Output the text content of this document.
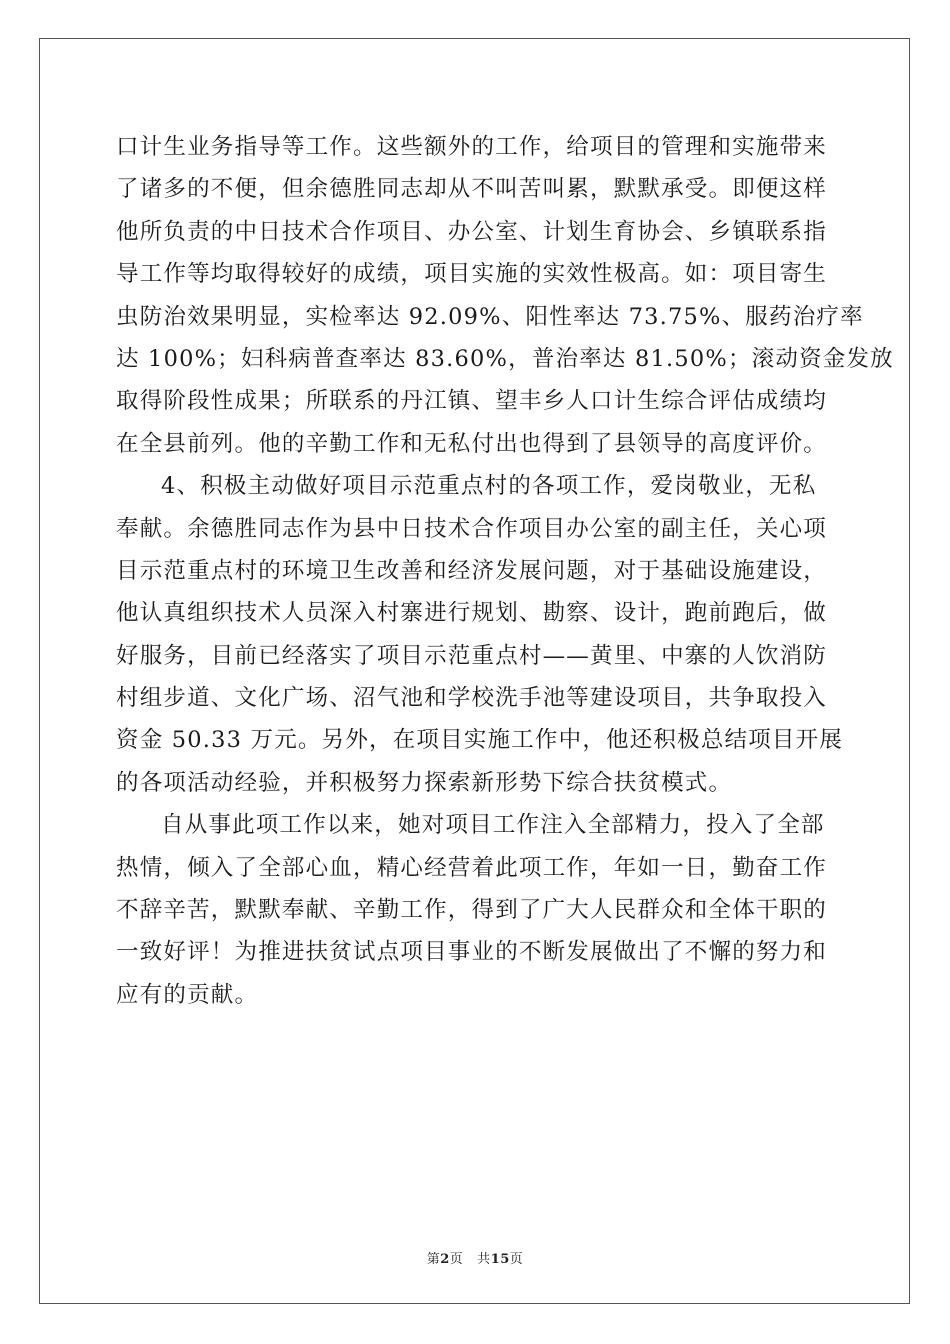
口计生业务指导等工作。这些额外的工作，给项目的管理和实施带来
了诸多的不便，但余德胜同志却从不叫苦叫累，默默承受。即便这样
他所负责的中日技术合作项目、办公室、计划生育协会、乡镇联系指
导工作等均取得较好的成绩，项目实施的实效性极高。如：项目寄生
虫防治效果明显，实检率达 92.09%、阳性率达 73.75%、服药治疗率
达 100%；妇科病普查率达 83.60%，普治率达 81.50%；滚动资金发放
取得阶段性成果；所联系的丹江镇、望丰乡人口计生综合评估成绩均
在全县前列。他的辛勤工作和无私付出也得到了县领导的高度评价。
4、积极主动做好项目示范重点村的各项工作，爱岗敬业，无私
奉献。余德胜同志作为县中日技术合作项目办公室的副主任，关心项
目示范重点村的环境卫生改善和经济发展问题，对于基础设施建设，
他认真组织技术人员深入村寨进行规划、勘察、设计，跑前跑后，做
好服务，目前已经落实了项目示范重点村——黄里、中寨的人饮消防
村组步道、文化广场、沼气池和学校洗手池等建设项目，共争取投入
资金 50.33 万元。另外，在项目实施工作中，他还积极总结项目开展
的各项活动经验，并积极努力探索新形势下综合扶贫模式。
自从事此项工作以来，她对项目工作注入全部精力，投入了全部
热情，倾入了全部心血，精心经营着此项工作，年如一日，勤奋工作
不辞辛苦，默默奉献、辛勤工作，得到了广大人民群众和全体干职的
一致好评！为推进扶贫试点项目事业的不断发展做出了不懈的努力和
应有的贡献。
第2页 共15页
